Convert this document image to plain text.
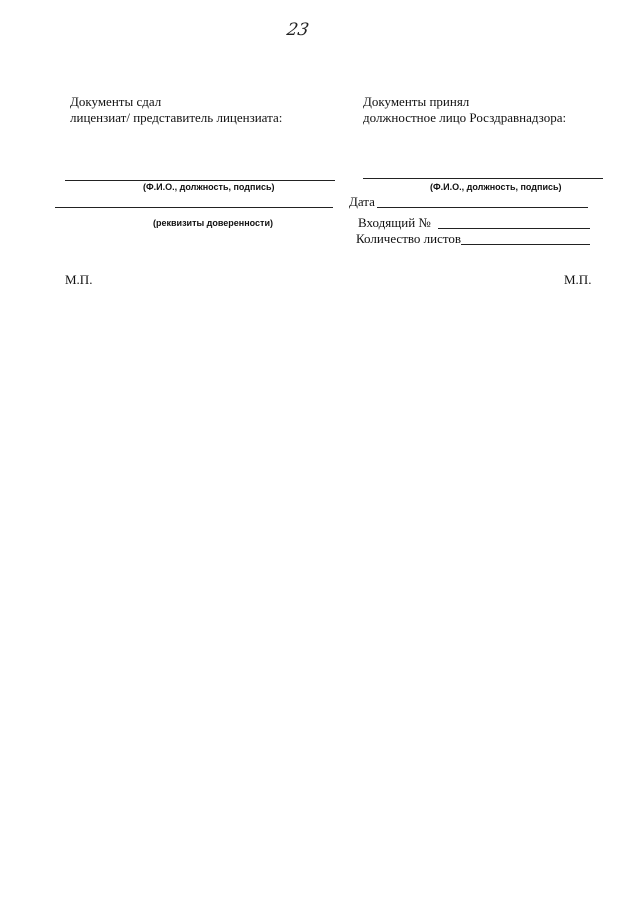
23
Документы сдал
лицензиат/ представитель лицензиата:
(Ф.И.О., должность, подпись)
(реквизиты доверенности)
М.П.
Документы принял
должностное лицо Росздравнадзора:
(Ф.И.О., должность, подпись)
Дата
Входящий №
Количество листов
М.П.
